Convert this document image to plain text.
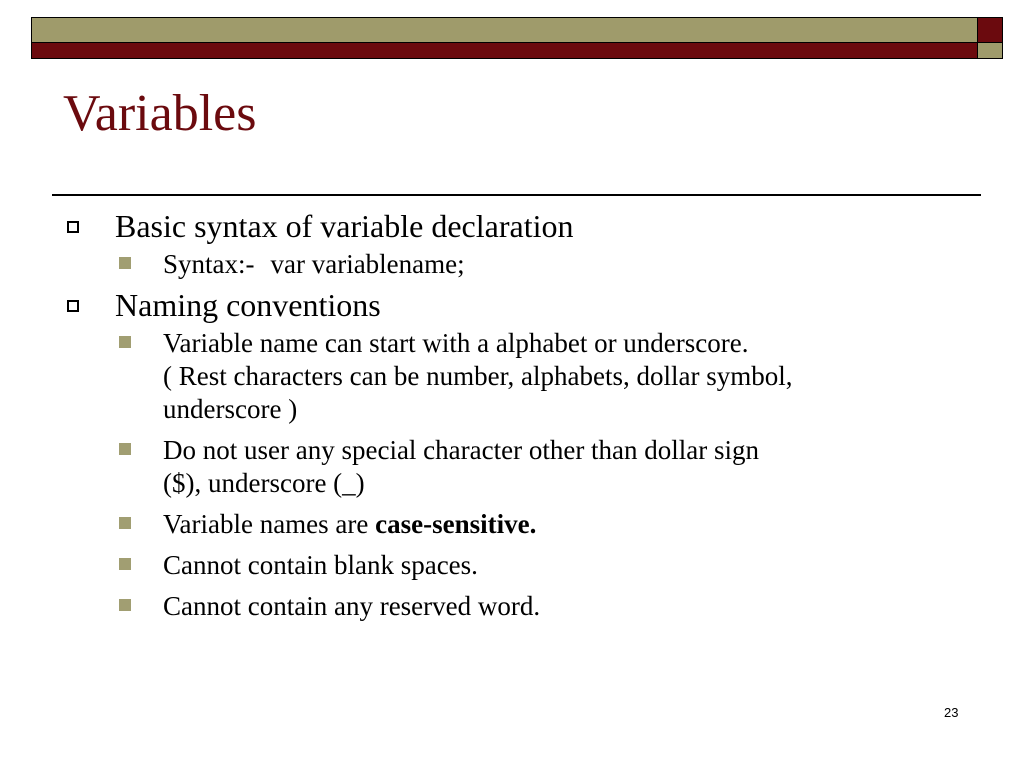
Variables
Basic syntax of variable declaration
Syntax:- var variablename;
Naming conventions
Variable name can start with a alphabet or underscore.
( Rest characters can be number, alphabets, dollar symbol,
underscore )
Do not user any special character other than dollar sign
($), underscore (_)
Variable names are case-sensitive.
Cannot contain blank spaces.
Cannot contain any reserved word.
23
